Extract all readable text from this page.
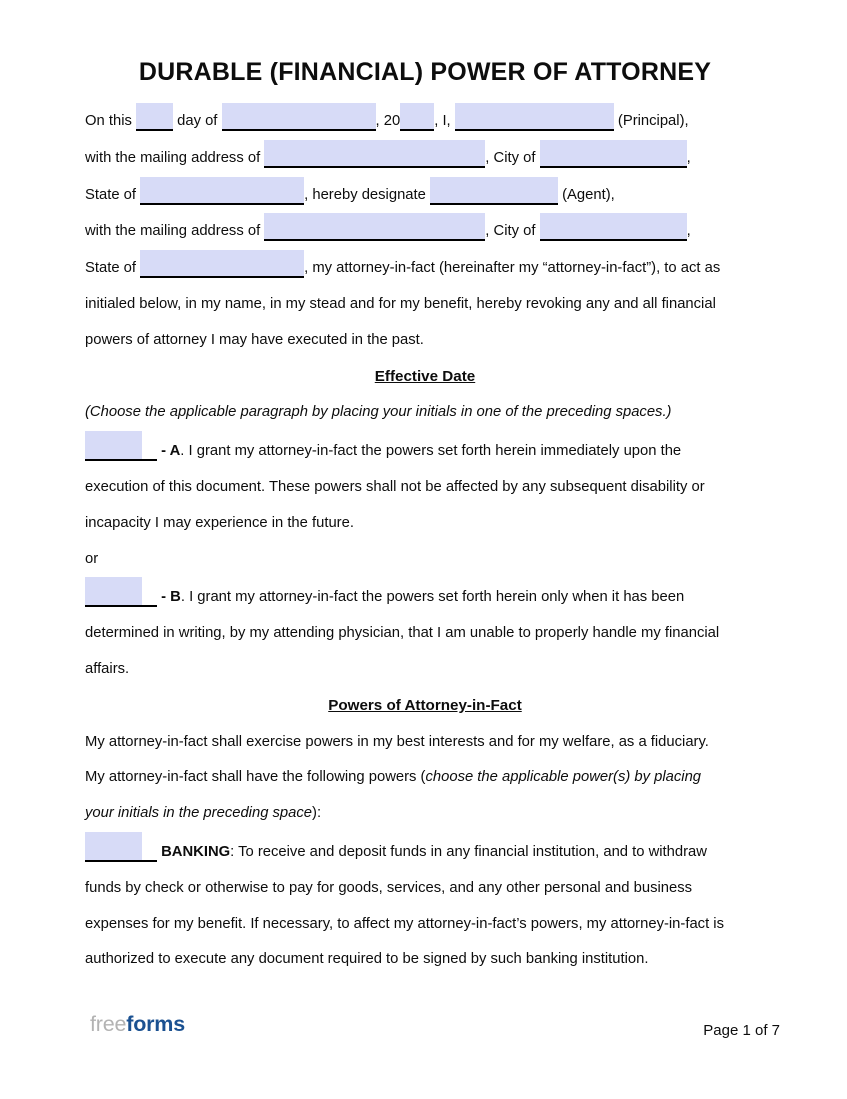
DURABLE (FINANCIAL) POWER OF ATTORNEY
On this	day of	, 20 , I,	(Principal),
with the mailing address of	, City of	,
State of	, hereby designate	(Agent),
with the mailing address of	, City of	,
State of	, my attorney-in-fact (hereinafter my “attorney-in-fact”), to act as
initialed below, in my name, in my stead and for my benefit, hereby revoking any and all financial
powers of attorney I may have executed in the past.
Effective Date
(Choose the applicable paragraph by placing your initials in one of the preceding spaces.)
- A. I grant my attorney-in-fact the powers set forth herein immediately upon the
execution of this document. These powers shall not be affected by any subsequent disability or
incapacity I may experience in the future.
or
- B. I grant my attorney-in-fact the powers set forth herein only when it has been
determined in writing, by my attending physician, that I am unable to properly handle my financial
affairs.
Powers of Attorney-in-Fact
My attorney-in-fact shall exercise powers in my best interests and for my welfare, as a fiduciary.
My attorney-in-fact shall have the following powers (choose the applicable power(s) by placing
your initials in the preceding space):
BANKING: To receive and deposit funds in any financial institution, and to withdraw
funds by check or otherwise to pay for goods, services, and any other personal and business
expenses for my benefit. If necessary, to affect my attorney-in-fact’s powers, my attorney-in-fact is
authorized to execute any document required to be signed by such banking institution.
freeforms	Page 1 of 7
